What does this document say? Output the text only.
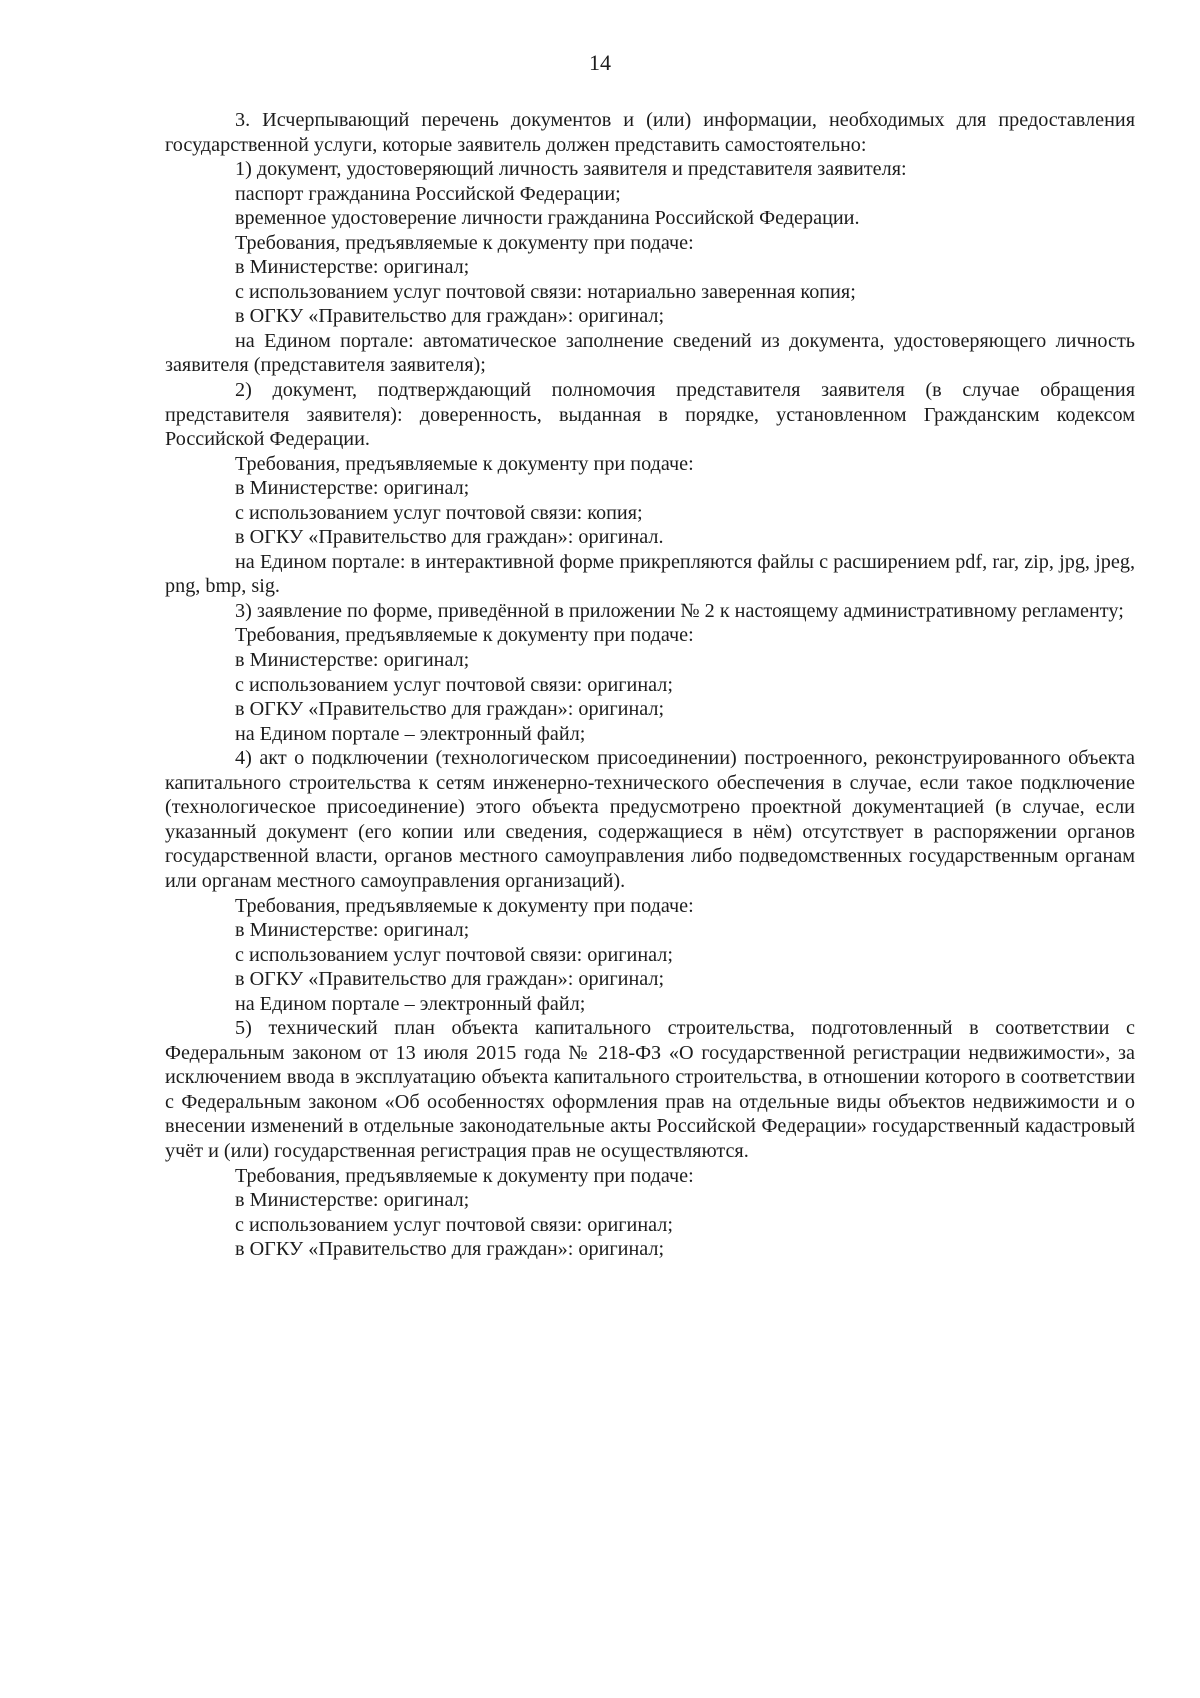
14

3. Исчерпывающий перечень документов и (или) информации, необходимых для предоставления государственной услуги, которые заявитель должен представить самостоятельно:

1) документ, удостоверяющий личность заявителя и представителя заявителя:

паспорт гражданина Российской Федерации;

временное удостоверение личности гражданина Российской Федерации.

Требования, предъявляемые к документу при подаче:

в Министерстве: оригинал;

с использованием услуг почтовой связи: нотариально заверенная копия;

в ОГКУ «Правительство для граждан»: оригинал;

на Едином портале: автоматическое заполнение сведений из документа, удостоверяющего личность заявителя (представителя заявителя);

2) документ, подтверждающий полномочия представителя заявителя (в случае обращения представителя заявителя): доверенность, выданная в порядке, установленном Гражданским кодексом Российской Федерации.

Требования, предъявляемые к документу при подаче:

в Министерстве: оригинал;

с использованием услуг почтовой связи: копия;

в ОГКУ «Правительство для граждан»: оригинал.

на Едином портале: в интерактивной форме прикрепляются файлы с расширением pdf, rar, zip, jpg, jpeg, png, bmp, sig.

3) заявление по форме, приведённой в приложении № 2 к настоящему административному регламенту;

Требования, предъявляемые к документу при подаче:

в Министерстве: оригинал;

с использованием услуг почтовой связи: оригинал;

в ОГКУ «Правительство для граждан»: оригинал;

на Едином портале – электронный файл;

4) акт о подключении (технологическом присоединении) построенного, реконструированного объекта капитального строительства к сетям инженерно-технического обеспечения в случае, если такое подключение (технологическое присоединение) этого объекта предусмотрено проектной документацией (в случае, если указанный документ (его копии или сведения, содержащиеся в нём) отсутствует в распоряжении органов государственной власти, органов местного самоуправления либо подведомственных государственным органам или органам местного самоуправления организаций).

Требования, предъявляемые к документу при подаче:

в Министерстве: оригинал;

с использованием услуг почтовой связи: оригинал;

в ОГКУ «Правительство для граждан»: оригинал;

на Едином портале – электронный файл;

5) технический план объекта капитального строительства, подготовленный в соответствии с Федеральным законом от 13 июля 2015 года № 218-ФЗ «О государственной регистрации недвижимости», за исключением ввода в эксплуатацию объекта капитального строительства, в отношении которого в соответствии с Федеральным законом «Об особенностях оформления прав на отдельные виды объектов недвижимости и о внесении изменений в отдельные законодательные акты Российской Федерации» государственный кадастровый учёт и (или) государственная регистрация прав не осуществляются.

Требования, предъявляемые к документу при подаче:

в Министерстве: оригинал;

с использованием услуг почтовой связи: оригинал;

в ОГКУ «Правительство для граждан»: оригинал;
